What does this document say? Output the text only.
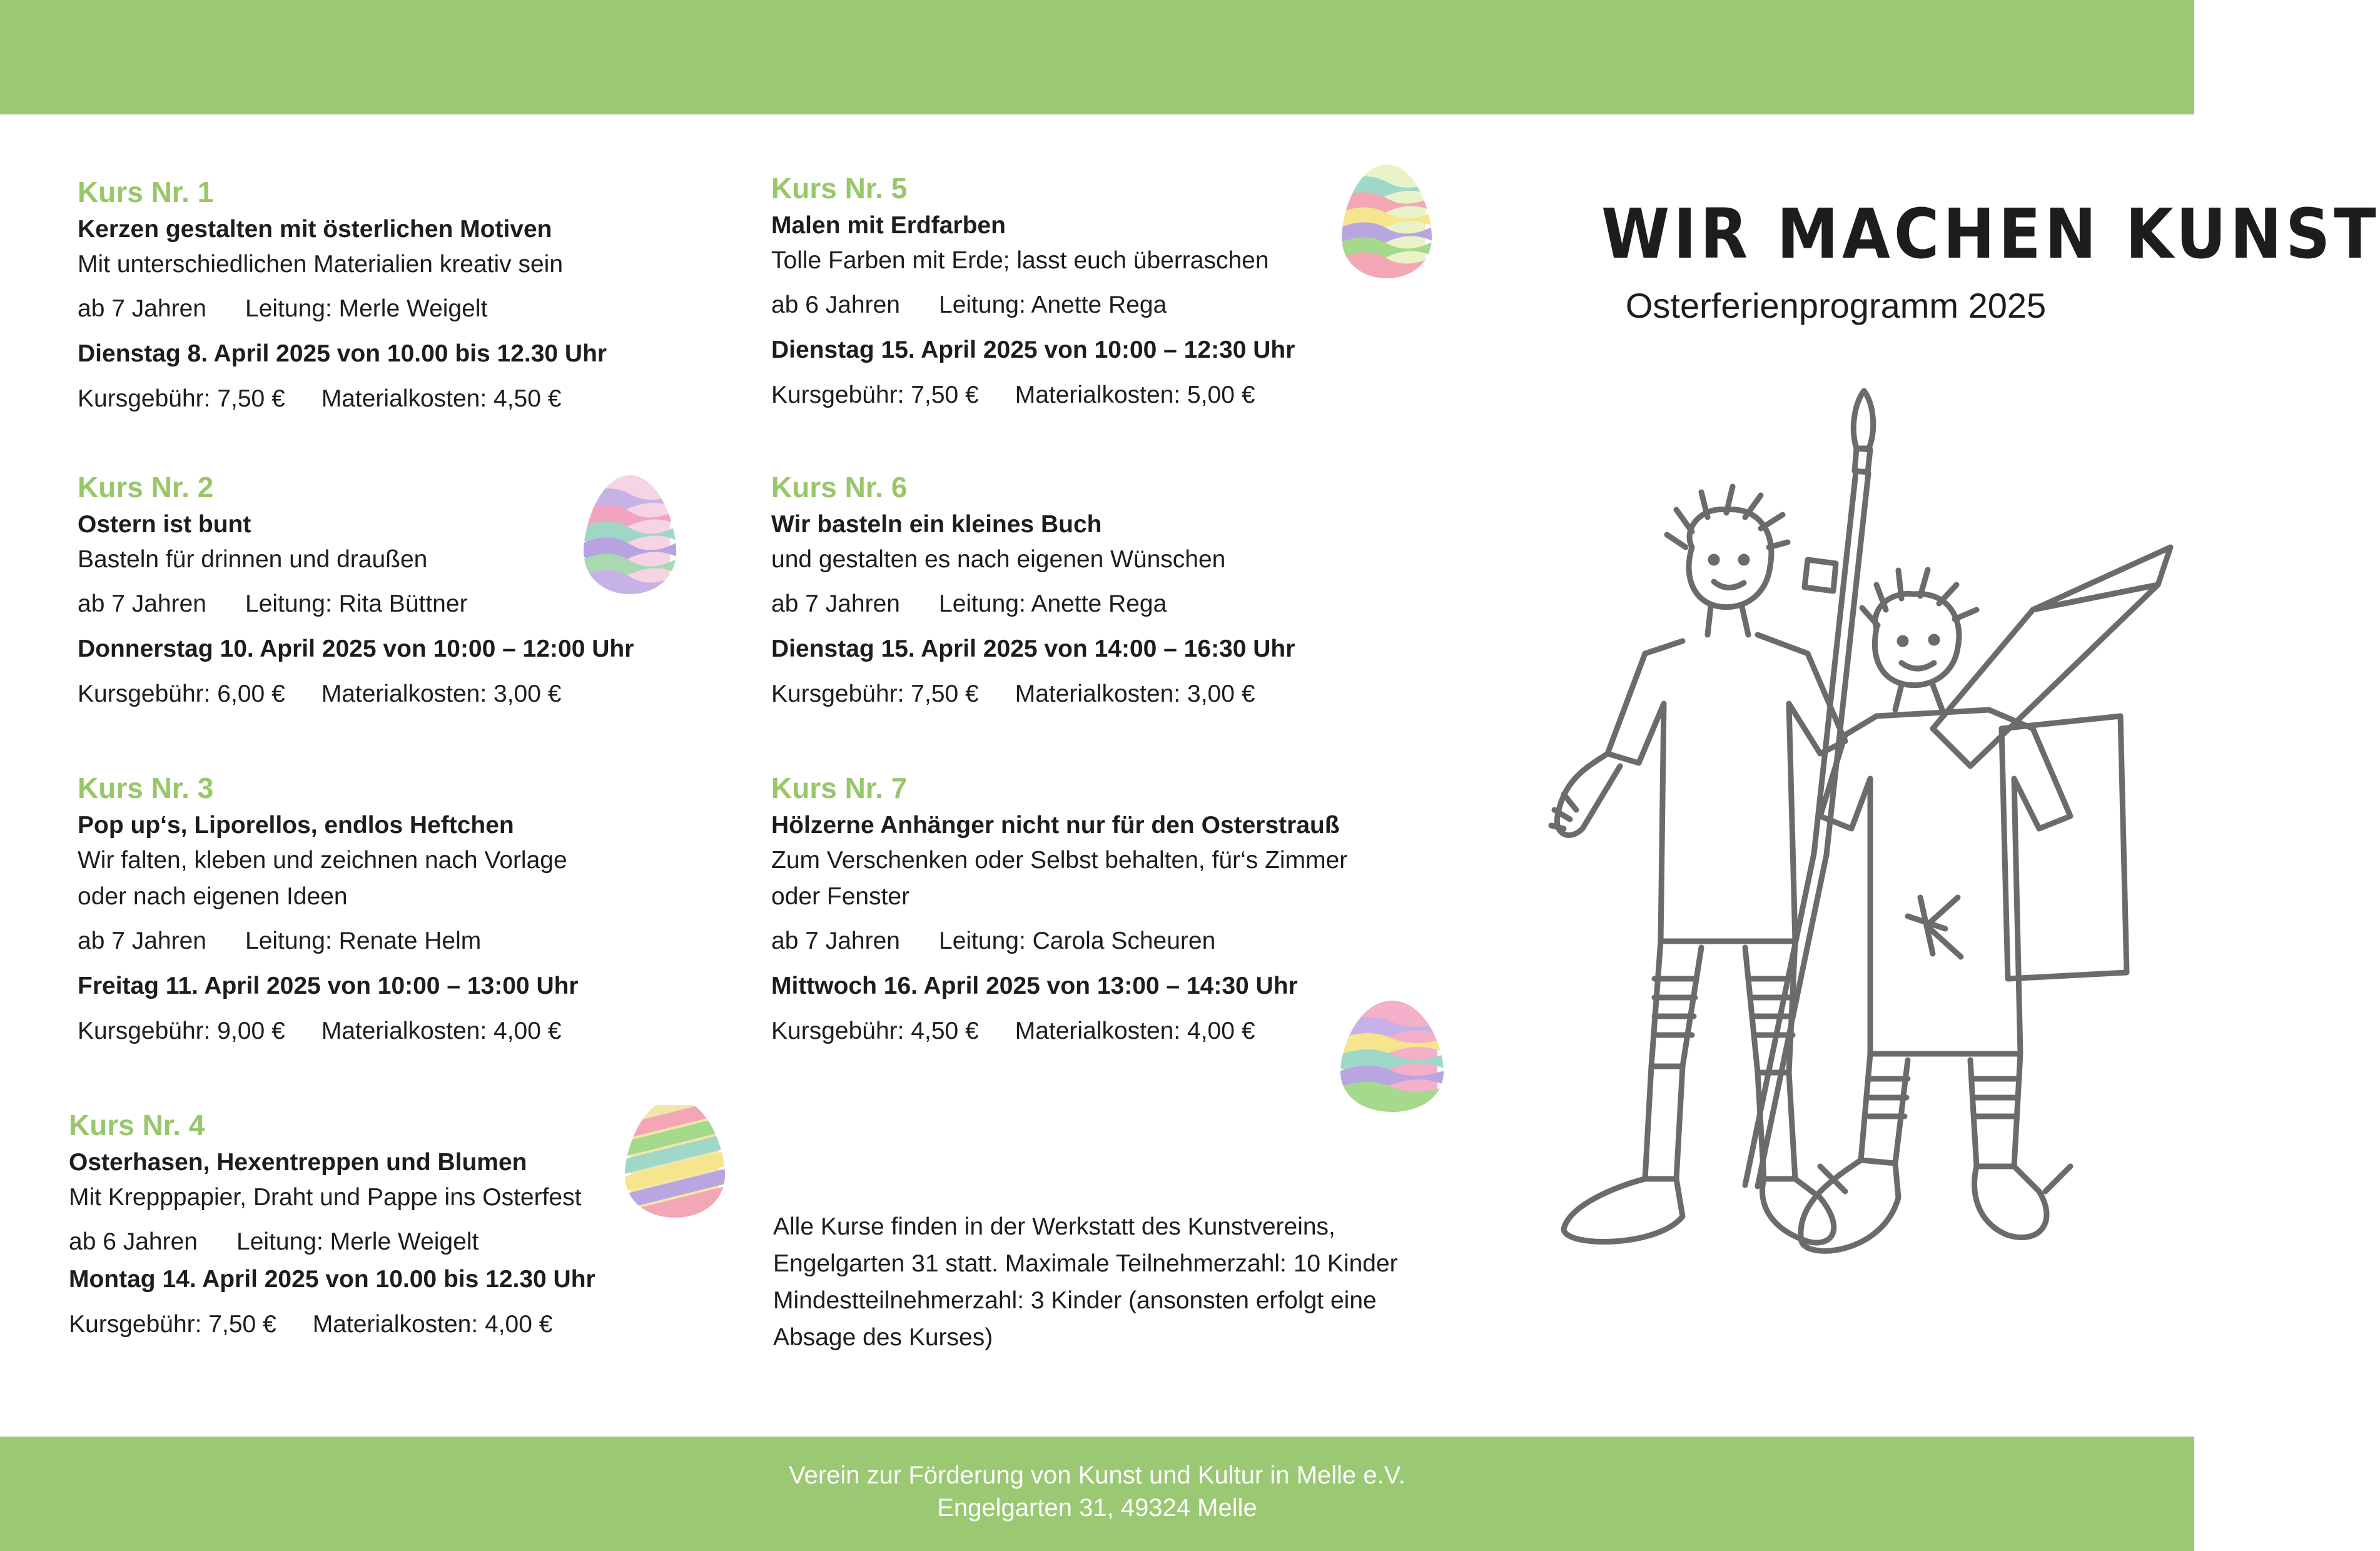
Kurs Nr. 1
Kerzen gestalten mit österlichen Motiven
Mit unterschiedlichen Materialien kreativ sein
ab 7 Jahren Leitung: Merle Weigelt
Dienstag 8. April 2025 von 10.00 bis 12.30 Uhr
Kursgebühr: 7,50 € Materialkosten: 4,50 €
Kurs Nr. 2
Ostern ist bunt
Basteln für drinnen und draußen
ab 7 Jahren Leitung: Rita Büttner
Donnerstag 10. April 2025 von 10:00 – 12:00 Uhr
Kursgebühr: 6,00 € Materialkosten: 3,00 €
Kurs Nr. 3
Pop up‘s, Liporellos, endlos Heftchen
Wir falten, kleben und zeichnen nach Vorlage
oder nach eigenen Ideen
ab 7 Jahren Leitung: Renate Helm
Freitag 11. April 2025 von 10:00 – 13:00 Uhr
Kursgebühr: 9,00 € Materialkosten: 4,00 €
Kurs Nr. 4
Osterhasen, Hexentreppen und Blumen
Mit Krepppapier, Draht und Pappe ins Osterfest
ab 6 Jahren Leitung: Merle Weigelt
Montag 14. April 2025 von 10.00 bis 12.30 Uhr
Kursgebühr: 7,50 € Materialkosten: 4,00 €
Kurs Nr. 5
Malen mit Erdfarben
Tolle Farben mit Erde; lasst euch überraschen
ab 6 Jahren Leitung: Anette Rega
Dienstag 15. April 2025 von 10:00 – 12:30 Uhr
Kursgebühr: 7,50 € Materialkosten: 5,00 €
Kurs Nr. 6
Wir basteln ein kleines Buch
und gestalten es nach eigenen Wünschen
ab 7 Jahren Leitung: Anette Rega
Dienstag 15. April 2025 von 14:00 – 16:30 Uhr
Kursgebühr: 7,50 € Materialkosten: 3,00 €
Kurs Nr. 7
Hölzerne Anhänger nicht nur für den Osterstrauß
Zum Verschenken oder Selbst behalten, für‘s Zimmer
oder Fenster
ab 7 Jahren Leitung: Carola Scheuren
Mittwoch 16. April 2025 von 13:00 – 14:30 Uhr
Kursgebühr: 4,50 € Materialkosten: 4,00 €
Alle Kurse finden in der Werkstatt des Kunstvereins,
Engelgarten 31 statt. Maximale Teilnehmerzahl: 10 Kinder
Mindestteilnehmerzahl: 3 Kinder (ansonsten erfolgt eine
Absage des Kurses)
WIR MACHEN KUNST
Osterferienprogramm 2025
Verein zur Förderung von Kunst und Kultur in Melle e.V.
Engelgarten 31, 49324 Melle
